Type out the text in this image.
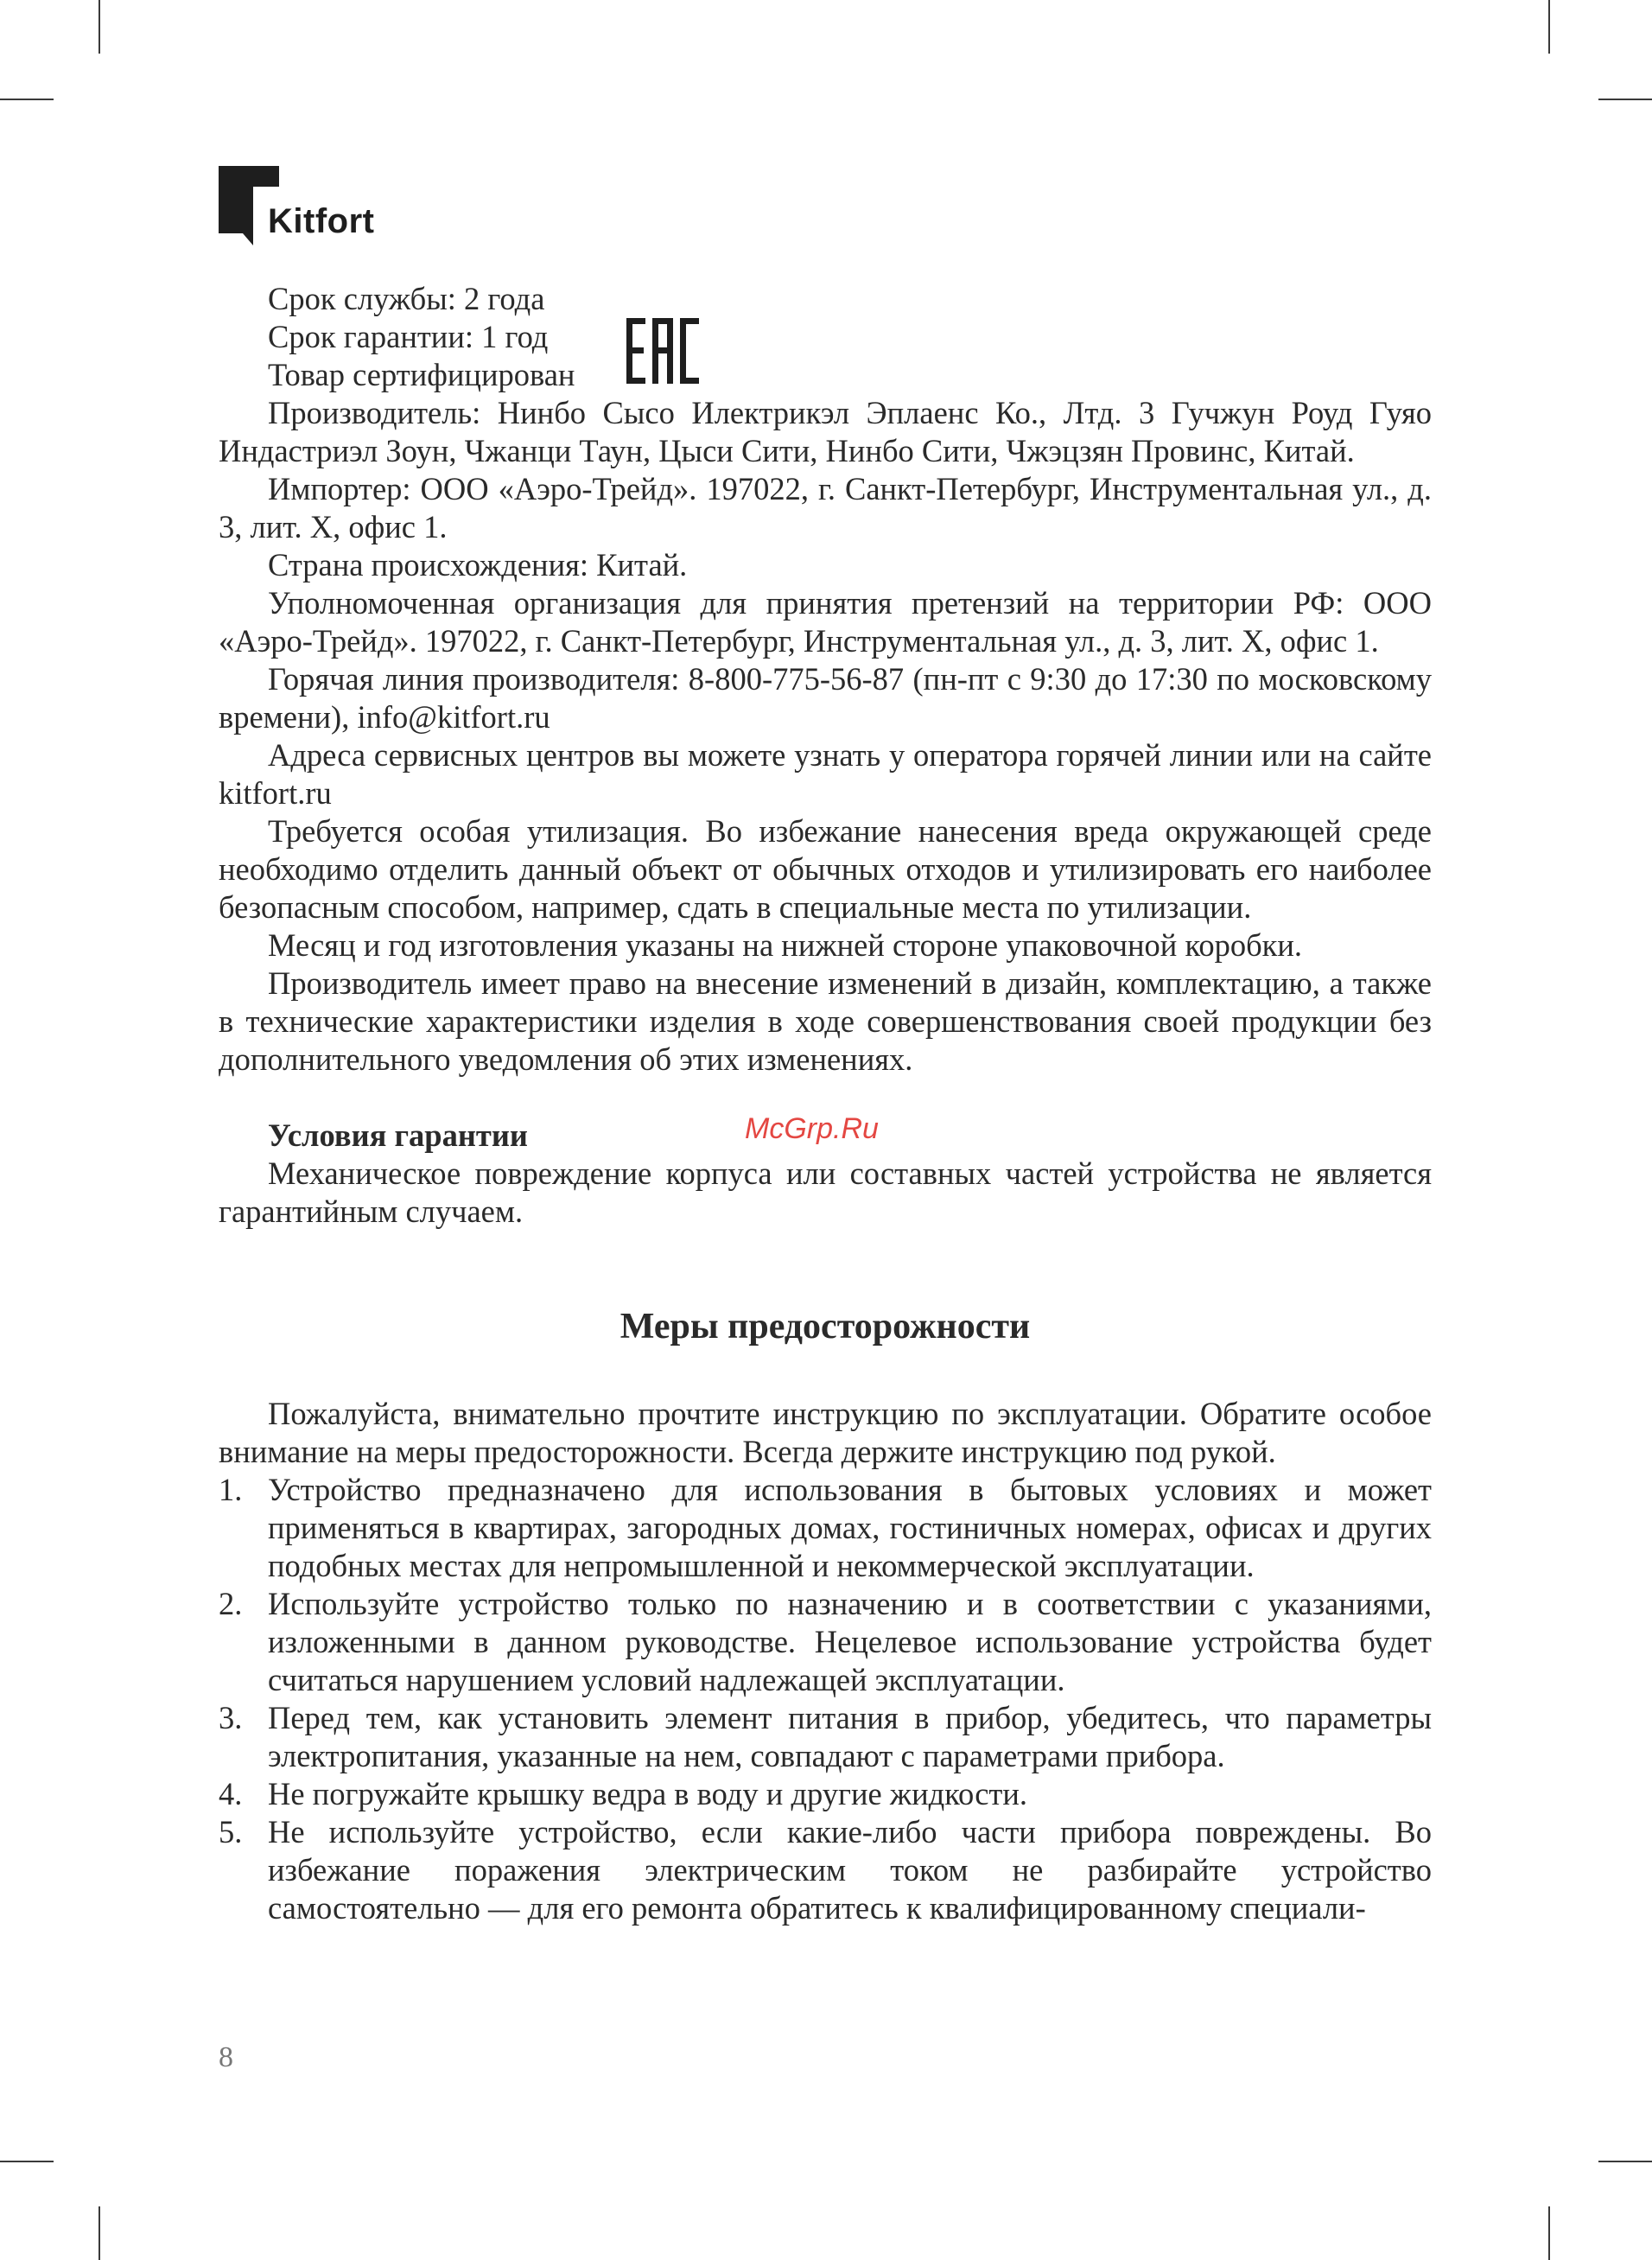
Kitfort

Срок службы: 2 года

Срок гарантии: 1 год

Товар сертифицирован

Производитель: Нинбо Сысо Илектрикэл Эплаенс Ко., Лтд. 3 Гучжун Роуд Гуяо Индастриэл Зоун, Чжанци Таун, Цыси Сити, Нинбо Сити, Чжэцзян Провинс, Китай.

Импортер: ООО «Аэро-Трейд». 197022, г. Санкт-Петербург, Инструментальная ул., д. 3, лит. Х, офис 1.

Страна происхождения: Китай.

Уполномоченная организация для принятия претензий на территории РФ: ООО «Аэро-Трейд». 197022, г. Санкт-Петербург, Инструментальная ул., д. 3, лит. Х, офис 1.

Горячая линия производителя: 8-800-775-56-87 (пн-пт с 9:30 до 17:30 по московскому времени), info@kitfort.ru

Адреса сервисных центров вы можете узнать у оператора горячей линии или на сайте kitfort.ru

Требуется особая утилизация. Во избежание нанесения вреда окружающей среде необходимо отделить данный объект от обычных отходов и утилизировать его наиболее безопасным способом, например, сдать в специальные места по утилизации.

Месяц и год изготовления указаны на нижней стороне упаковочной коробки.

Производитель имеет право на внесение изменений в дизайн, комплектацию, а также в технические характеристики изделия в ходе совершенствования своей продукции без дополнительного уведомления об этих изменениях.

Условия гарантии

Механическое повреждение корпуса или составных частей устройства не является гарантийным случаем.

Меры предосторожности

Пожалуйста, внимательно прочтите инструкцию по эксплуатации. Обратите особое внимание на меры предосторожности. Всегда держите инструкцию под рукой.

1. Устройство предназначено для использования в бытовых условиях и может применяться в квартирах, загородных домах, гостиничных номерах, офисах и других подобных местах для непромышленной и некоммерческой эксплуатации.
2. Используйте устройство только по назначению и в соответствии с указаниями, изложенными в данном руководстве. Нецелевое использование устройства будет считаться нарушением условий надлежащей эксплуатации.
3. Перед тем, как установить элемент питания в прибор, убедитесь, что параметры электропитания, указанные на нем, совпадают с параметрами прибора.
4. Не погружайте крышку ведра в воду и другие жидкости.
5. Не используйте устройство, если какие-либо части прибора повреждены. Во избежание поражения электрическим током не разбирайте устройство самостоятельно — для его ремонта обратитесь к квалифицированному специали-
McGrp.Ru
8
